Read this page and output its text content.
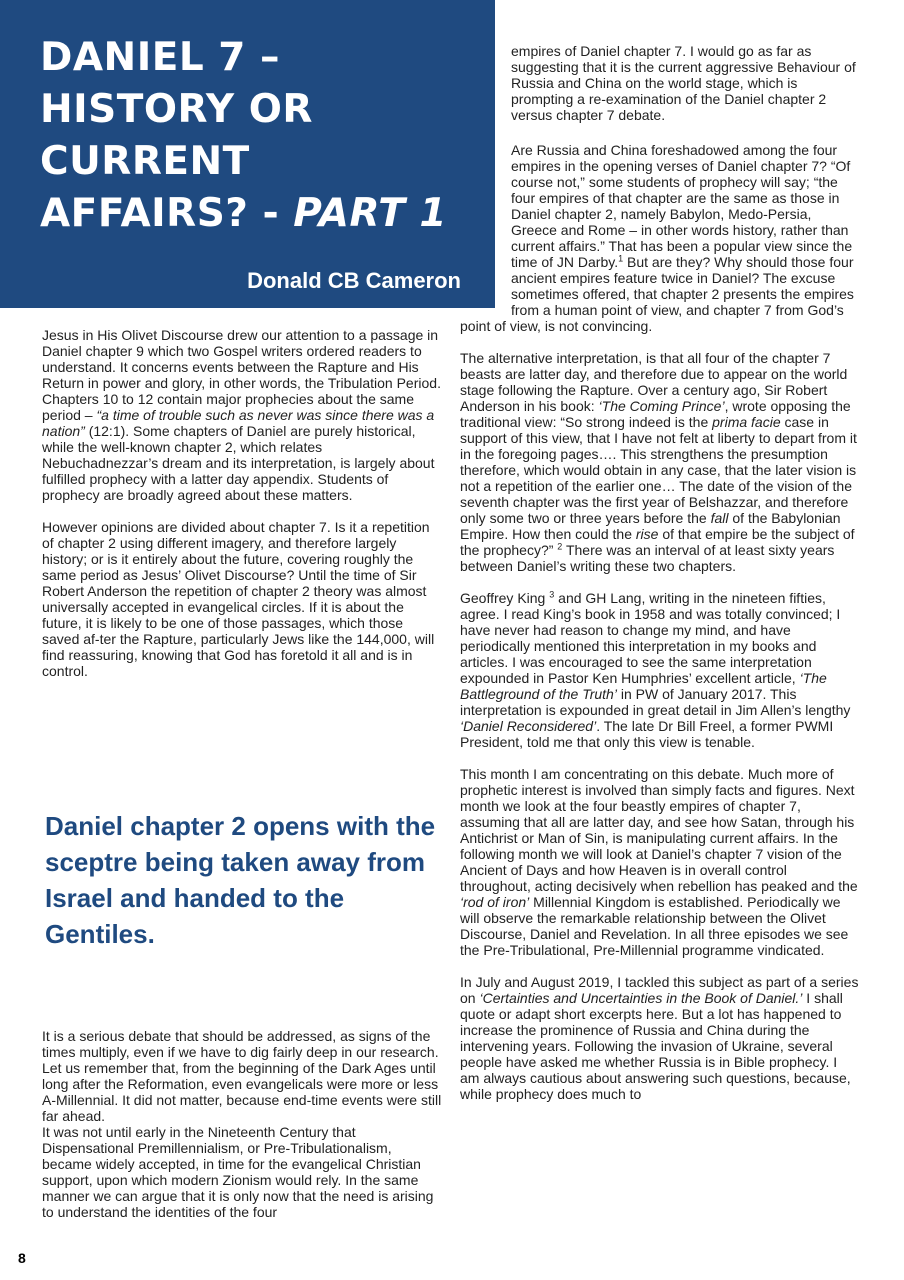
DANIEL 7 –
HISTORY OR
CURRENT
AFFAIRS? - PART 1
Donald CB Cameron

Jesus in His Olivet Discourse drew our attention to a passage in Daniel chapter 9 which two Gospel writers ordered readers to understand. It concerns events between the Rapture and His Return in power and glory, in other words, the Tribulation Period. Chapters 10 to 12 contain major prophecies about the same period – “a time of trouble such as never was since there was a nation” (12:1). Some chapters of Daniel are purely historical, while the well-known chapter 2, which relates Nebuchadnezzar’s dream and its interpretation, is largely about fulfilled prophecy with a latter day appendix. Students of prophecy are broadly agreed about these matters.

However opinions are divided about chapter 7. Is it a repetition of chapter 2 using different imagery, and therefore largely history; or is it entirely about the future, covering roughly the same period as Jesus’ Olivet Discourse? Until the time of Sir Robert Anderson the repetition of chapter 2 theory was almost universally accepted in evangelical circles. If it is about the future, it is likely to be one of those passages, which those saved af-ter the Rapture, particularly Jews like the 144,000, will find reassuring, knowing that God has foretold it all and is in control.

Daniel chapter 2 opens with the sceptre being taken away from Israel and handed to the Gentiles.

It is a serious debate that should be addressed, as signs of the times multiply, even if we have to dig fairly deep in our research. Let us remember that, from the beginning of the Dark Ages until long after the Reformation, even evangelicals were more or less A-Millennial. It did not matter, because end-time events were still far ahead.

It was not until early in the Nineteenth Century that Dispensational Premillennialism, or Pre-Tribulationalism, became widely accepted, in time for the evangelical Christian support, upon which modern Zionism would rely. In the same manner we can argue that it is only now that the need is arising to understand the identities of the four

empires of Daniel chapter 7. I would go as far as suggesting that it is the current aggressive Behaviour of Russia and China on the world stage, which is prompting a re-examination of the Daniel chapter 2 versus chapter 7 debate.

Are Russia and China foreshadowed among the four empires in the opening verses of Daniel chapter 7? “Of course not,” some students of prophecy will say; “the four empires of that chapter are the same as those in Daniel chapter 2, namely Babylon, Medo-Persia, Greece and Rome – in other words history, rather than current affairs.” That has been a popular view since the time of JN Darby.$^1$ But are they? Why should those four ancient empires feature twice in Daniel? The excuse sometimes offered, that chapter 2 presents the empires from a human point of view, and chapter 7 from God’s point of view, is not convincing.

The alternative interpretation, is that all four of the chapter 7 beasts are latter day, and therefore due to appear on the world stage following the Rapture. Over a century ago, Sir Robert Anderson in his book: ‘The Coming Prince’, wrote opposing the traditional view: “So strong indeed is the prima facie case in support of this view, that I have not felt at liberty to depart from it in the foregoing pages…. This strengthens the presumption therefore, which would obtain in any case, that the later vision is not a repetition of the earlier one… The date of the vision of the seventh chapter was the first year of Belshazzar, and therefore only some two or three years before the fall of the Babylonian Empire. How then could the rise of that empire be the subject of the prophecy?” $^2$ There was an interval of at least sixty years between Daniel’s writing these two chapters.

Geoffrey King $^3$ and GH Lang, writing in the nineteen fifties, agree. I read King’s book in 1958 and was totally convinced; I have never had reason to change my mind, and have periodically mentioned this interpretation in my books and articles. I was encouraged to see the same interpretation expounded in Pastor Ken Humphries’ excellent article, ‘The Battleground of the Truth’ in PW of January 2017. This interpretation is expounded in great detail in Jim Allen’s lengthy ‘Daniel Reconsidered’. The late Dr Bill Freel, a former PWMI President, told me that only this view is tenable.

This month I am concentrating on this debate. Much more of prophetic interest is involved than simply facts and figures. Next month we look at the four beastly empires of chapter 7, assuming that all are latter day, and see how Satan, through his Antichrist or Man of Sin, is manipulating current affairs. In the following month we will look at Daniel’s chapter 7 vision of the Ancient of Days and how Heaven is in overall control throughout, acting decisively when rebellion has peaked and the ‘rod of iron’ Millennial Kingdom is established. Periodically we will observe the remarkable relationship between the Olivet Discourse, Daniel and Revelation. In all three episodes we see the Pre-Tribulational, Pre-Millennial programme vindicated.

In July and August 2019, I tackled this subject as part of a series on ‘Certainties and Uncertainties in the Book of Daniel.’ I shall quote or adapt short excerpts here. But a lot has happened to increase the prominence of Russia and China during the intervening years. Following the invasion of Ukraine, several people have asked me whether Russia is in Bible prophecy. I am always cautious about answering such questions, because, while prophecy does much to

8
